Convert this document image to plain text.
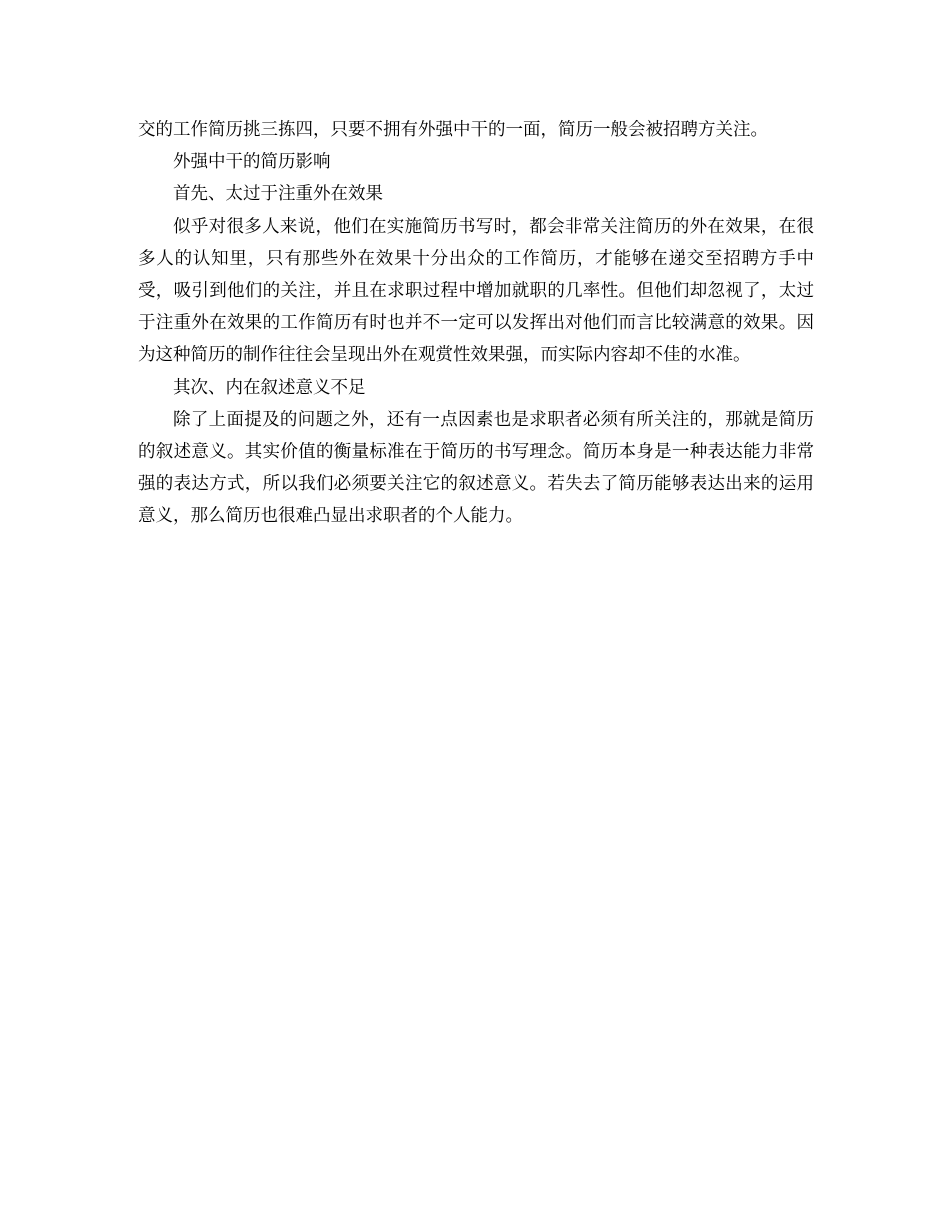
交的工作简历挑三拣四，只要不拥有外强中干的一面，简历一般会被招聘方关注。

外强中干的简历影响

首先、太过于注重外在效果

似乎对很多人来说，他们在实施简历书写时，都会非常关注简历的外在效果，在很多人的认知里，只有那些外在效果十分出众的工作简历，才能够在递交至招聘方手中受，吸引到他们的关注，并且在求职过程中增加就职的几率性。但他们却忽视了，太过于注重外在效果的工作简历有时也并不一定可以发挥出对他们而言比较满意的效果。因为这种简历的制作往往会呈现出外在观赏性效果强，而实际内容却不佳的水准。

其次、内在叙述意义不足

除了上面提及的问题之外，还有一点因素也是求职者必须有所关注的，那就是简历的叙述意义。其实价值的衡量标准在于简历的书写理念。简历本身是一种表达能力非常强的表达方式，所以我们必须要关注它的叙述意义。若失去了简历能够表达出来的运用意义，那么简历也很难凸显出求职者的个人能力。
